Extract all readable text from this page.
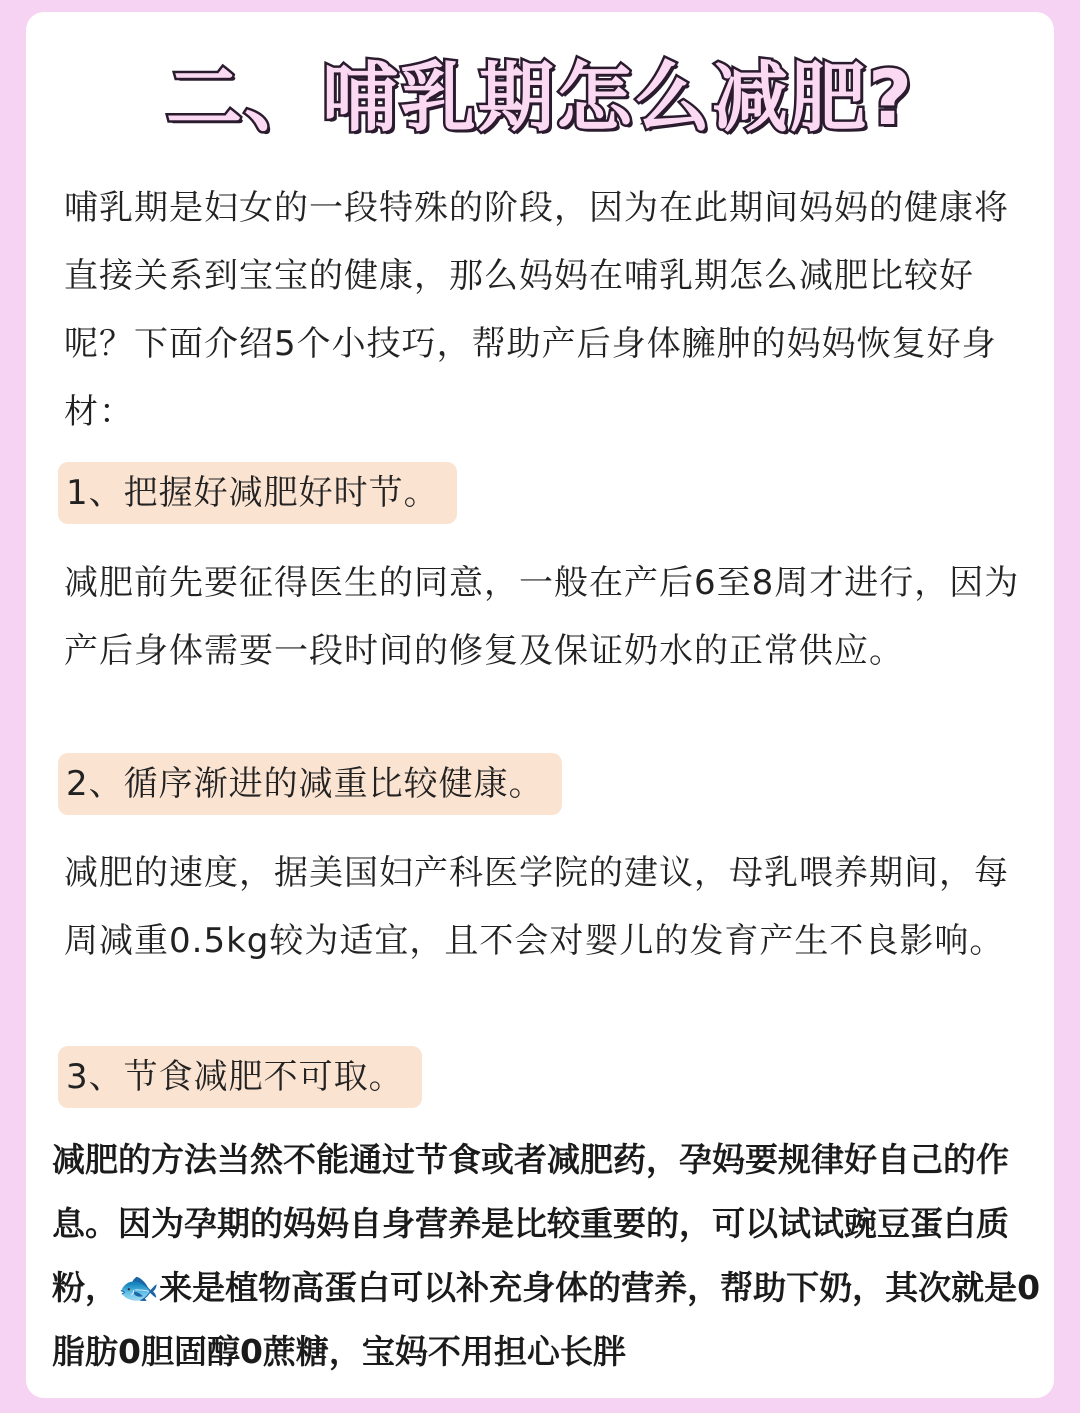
二、哺乳期怎么减肥?
哺乳期是妇女的一段特殊的阶段，因为在此期间妈妈的健康将直接关系到宝宝的健康，那么妈妈在哺乳期怎么减肥比较好呢？下面介绍5个小技巧，帮助产后身体臃肿的妈妈恢复好身材：
1、把握好减肥好时节。
减肥前先要征得医生的同意，一般在产后6至8周才进行，因为产后身体需要一段时间的修复及保证奶水的正常供应。
2、循序渐进的减重比较健康。
减肥的速度，据美国妇产科医学院的建议，母乳喂养期间，每周减重0.5kg较为适宜，且不会对婴儿的发育产生不良影响。
3、节食减肥不可取。
减肥的方法当然不能通过节食或者减肥药，孕妈要规律好自己的作息。因为孕期的妈妈自身营养是比较重要的，可以试试豌豆蛋白质粉，🐟来是植物高蛋白可以补充身体的营养，帮助下奶，其次就是0脂肪0胆固醇0蔗糖，宝妈不用担心长胖
